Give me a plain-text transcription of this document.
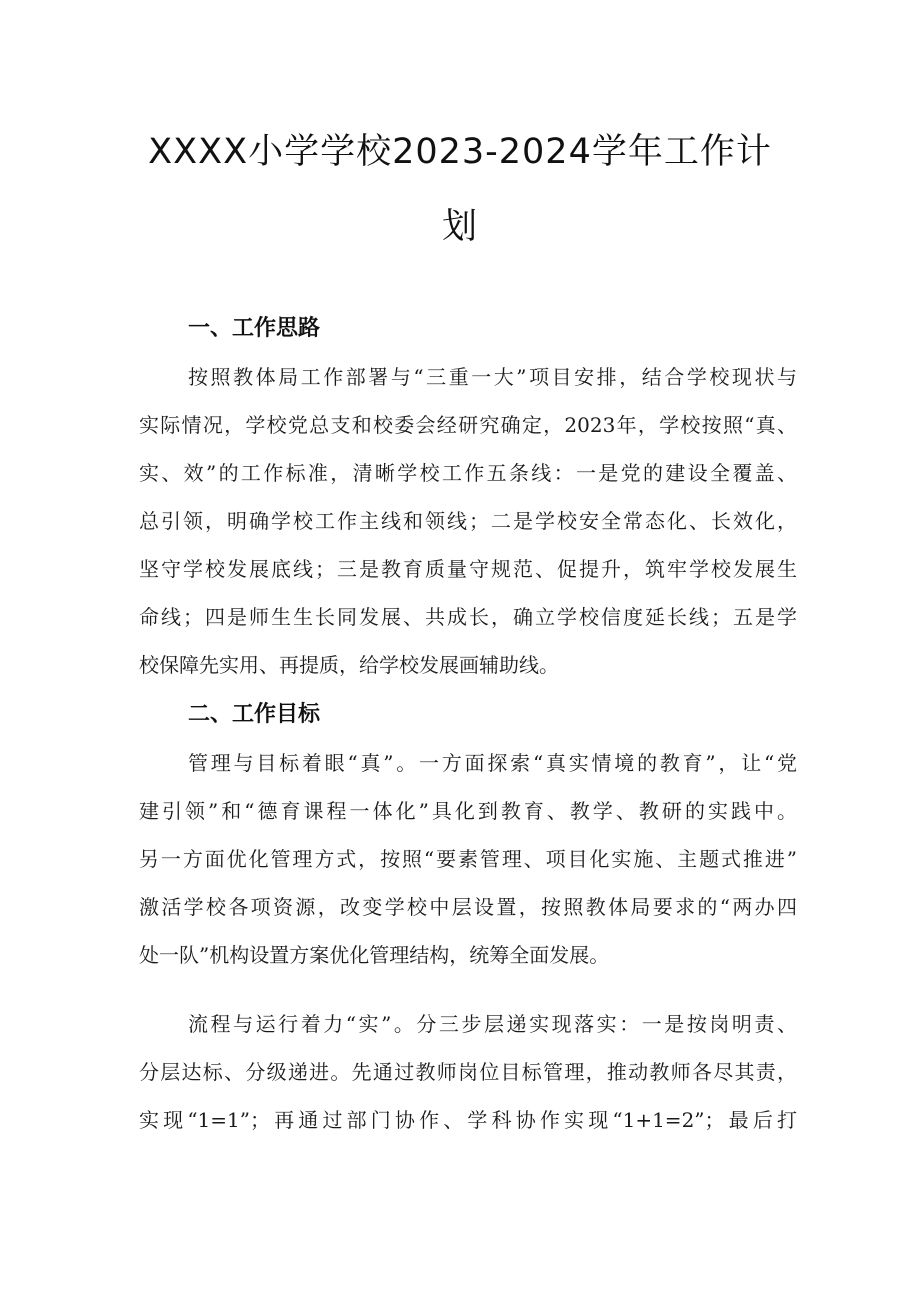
XXXX小学学校2023-2024学年工作计
划
一、工作思路
按照教体局工作部署与“三重一大”项目安排，结合学校现状与
实际情况，学校党总支和校委会经研究确定，2023年，学校按照“真、
实、效”的工作标准，清晰学校工作五条线：一是党的建设全覆盖、
总引领，明确学校工作主线和领线；二是学校安全常态化、长效化，
坚守学校发展底线；三是教育质量守规范、促提升，筑牢学校发展生
命线；四是师生生长同发展、共成长，确立学校信度延长线；五是学
校保障先实用、再提质，给学校发展画辅助线。
二、工作目标
管理与目标着眼“真”。一方面探索“真实情境的教育”，让“党
建引领”和“德育课程一体化”具化到教育、教学、教研的实践中。
另一方面优化管理方式，按照“要素管理、项目化实施、主题式推进”
激活学校各项资源，改变学校中层设置，按照教体局要求的“两办四
处一队”机构设置方案优化管理结构，统筹全面发展。
流程与运行着力“实”。分三步层递实现落实：一是按岗明责、
分层达标、分级递进。先通过教师岗位目标管理，推动教师各尽其责，
实现“1=1”；再通过部门协作、学科协作实现“1+1=2”；最后打
